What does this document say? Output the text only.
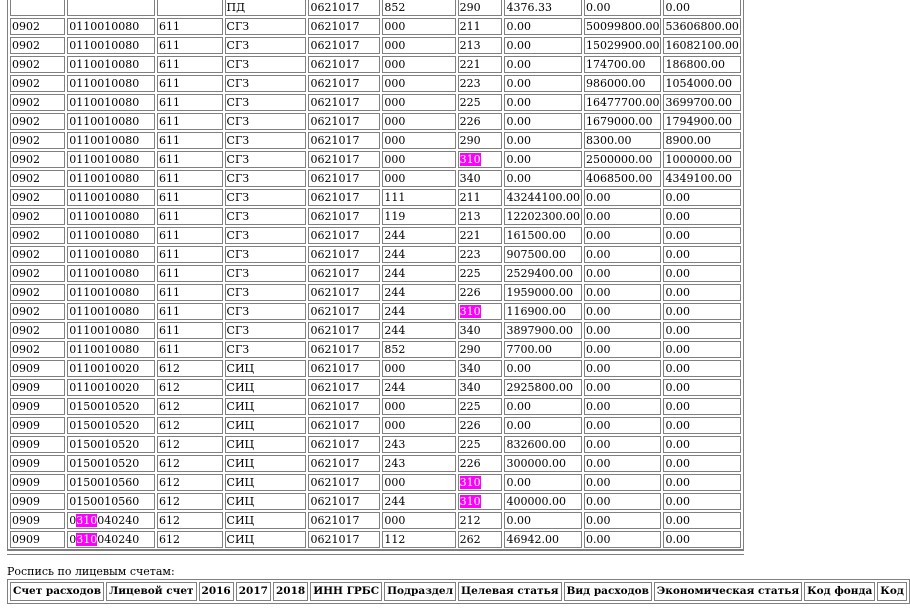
			ПД	0621017	852	290	4376.33	0.00	0.00
0902	0110010080	611	СГЗ	0621017	000	211	0.00	50099800.00	53606800.00
0902	0110010080	611	СГЗ	0621017	000	213	0.00	15029900.00	16082100.00
0902	0110010080	611	СГЗ	0621017	000	221	0.00	174700.00	186800.00
0902	0110010080	611	СГЗ	0621017	000	223	0.00	986000.00	1054000.00
0902	0110010080	611	СГЗ	0621017	000	225	0.00	16477700.00	3699700.00
0902	0110010080	611	СГЗ	0621017	000	226	0.00	1679000.00	1794900.00
0902	0110010080	611	СГЗ	0621017	000	290	0.00	8300.00	8900.00
0902	0110010080	611	СГЗ	0621017	000	310	0.00	2500000.00	1000000.00
0902	0110010080	611	СГЗ	0621017	000	340	0.00	4068500.00	4349100.00
0902	0110010080	611	СГЗ	0621017	111	211	43244100.00	0.00	0.00
0902	0110010080	611	СГЗ	0621017	119	213	12202300.00	0.00	0.00
0902	0110010080	611	СГЗ	0621017	244	221	161500.00	0.00	0.00
0902	0110010080	611	СГЗ	0621017	244	223	907500.00	0.00	0.00
0902	0110010080	611	СГЗ	0621017	244	225	2529400.00	0.00	0.00
0902	0110010080	611	СГЗ	0621017	244	226	1959000.00	0.00	0.00
0902	0110010080	611	СГЗ	0621017	244	310	116900.00	0.00	0.00
0902	0110010080	611	СГЗ	0621017	244	340	3897900.00	0.00	0.00
0902	0110010080	611	СГЗ	0621017	852	290	7700.00	0.00	0.00
0909	0110010020	612	СИЦ	0621017	000	340	0.00	0.00	0.00
0909	0110010020	612	СИЦ	0621017	244	340	2925800.00	0.00	0.00
0909	0150010520	612	СИЦ	0621017	000	225	0.00	0.00	0.00
0909	0150010520	612	СИЦ	0621017	000	226	0.00	0.00	0.00
0909	0150010520	612	СИЦ	0621017	243	225	832600.00	0.00	0.00
0909	0150010520	612	СИЦ	0621017	243	226	300000.00	0.00	0.00
0909	0150010560	612	СИЦ	0621017	000	310	0.00	0.00	0.00
0909	0150010560	612	СИЦ	0621017	244	310	400000.00	0.00	0.00
0909	0310040240	612	СИЦ	0621017	000	212	0.00	0.00	0.00
0909	0310040240	612	СИЦ	0621017	112	262	46942.00	0.00	0.00
Роспись по лицевым счетам:
Счет расходов	Лицевой счет	2016	2017	2018	ИНН ГРБС	Подраздел	Целевая статья	Вид расходов	Экономическая статья	Код фонда	Код
